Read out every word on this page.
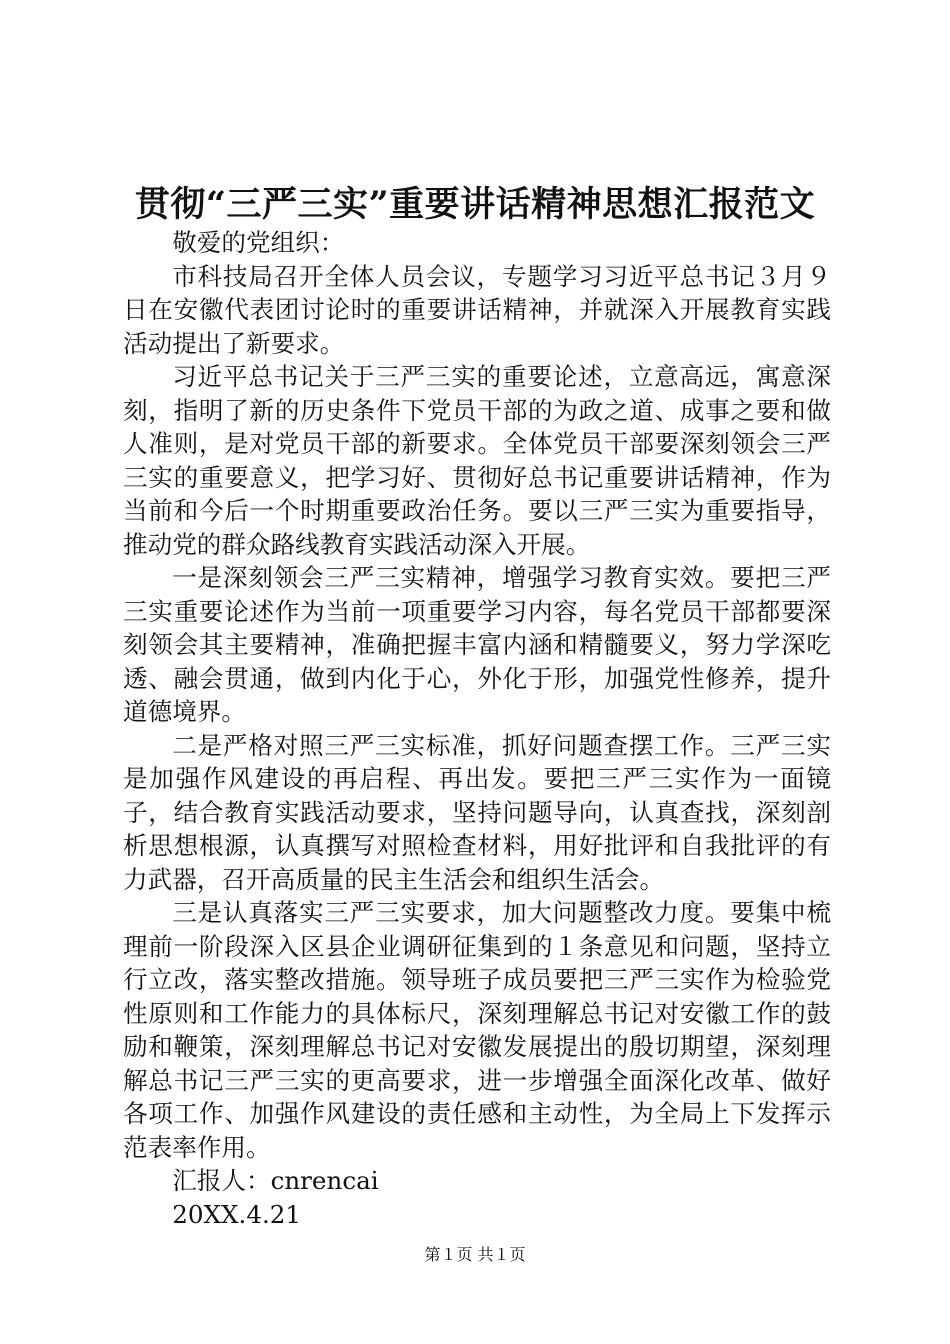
贯彻“三严三实”重要讲话精神思想汇报范文

敬爱的党组织：

市科技局召开全体人员会议，专题学习习近平总书记３月９日在安徽代表团讨论时的重要讲话精神，并就深入开展教育实践活动提出了新要求。

习近平总书记关于三严三实的重要论述，立意高远，寓意深刻，指明了新的历史条件下党员干部的为政之道、成事之要和做人准则，是对党员干部的新要求。全体党员干部要深刻领会三严三实的重要意义，把学习好、贯彻好总书记重要讲话精神，作为当前和今后一个时期重要政治任务。要以三严三实为重要指导，推动党的群众路线教育实践活动深入开展。

一是深刻领会三严三实精神，增强学习教育实效。要把三严三实重要论述作为当前一项重要学习内容，每名党员干部都要深刻领会其主要精神，准确把握丰富内涵和精髓要义，努力学深吃透、融会贯通，做到内化于心，外化于形，加强党性修养，提升道德境界。

二是严格对照三严三实标准，抓好问题查摆工作。三严三实是加强作风建设的再启程、再出发。要把三严三实作为一面镜子，结合教育实践活动要求，坚持问题导向，认真查找，深刻剖析思想根源，认真撰写对照检查材料，用好批评和自我批评的有力武器，召开高质量的民主生活会和组织生活会。

三是认真落实三严三实要求，加大问题整改力度。要集中梳理前一阶段深入区县企业调研征集到的１条意见和问题，坚持立行立改，落实整改措施。领导班子成员要把三严三实作为检验党性原则和工作能力的具体标尺，深刻理解总书记对安徽工作的鼓励和鞭策，深刻理解总书记对安徽发展提出的殷切期望，深刻理解总书记三严三实的更高要求，进一步增强全面深化改革、做好各项工作、加强作风建设的责任感和主动性，为全局上下发挥示范表率作用。

汇报人：cnrencai

20XX.4.21

第１页 共１页
